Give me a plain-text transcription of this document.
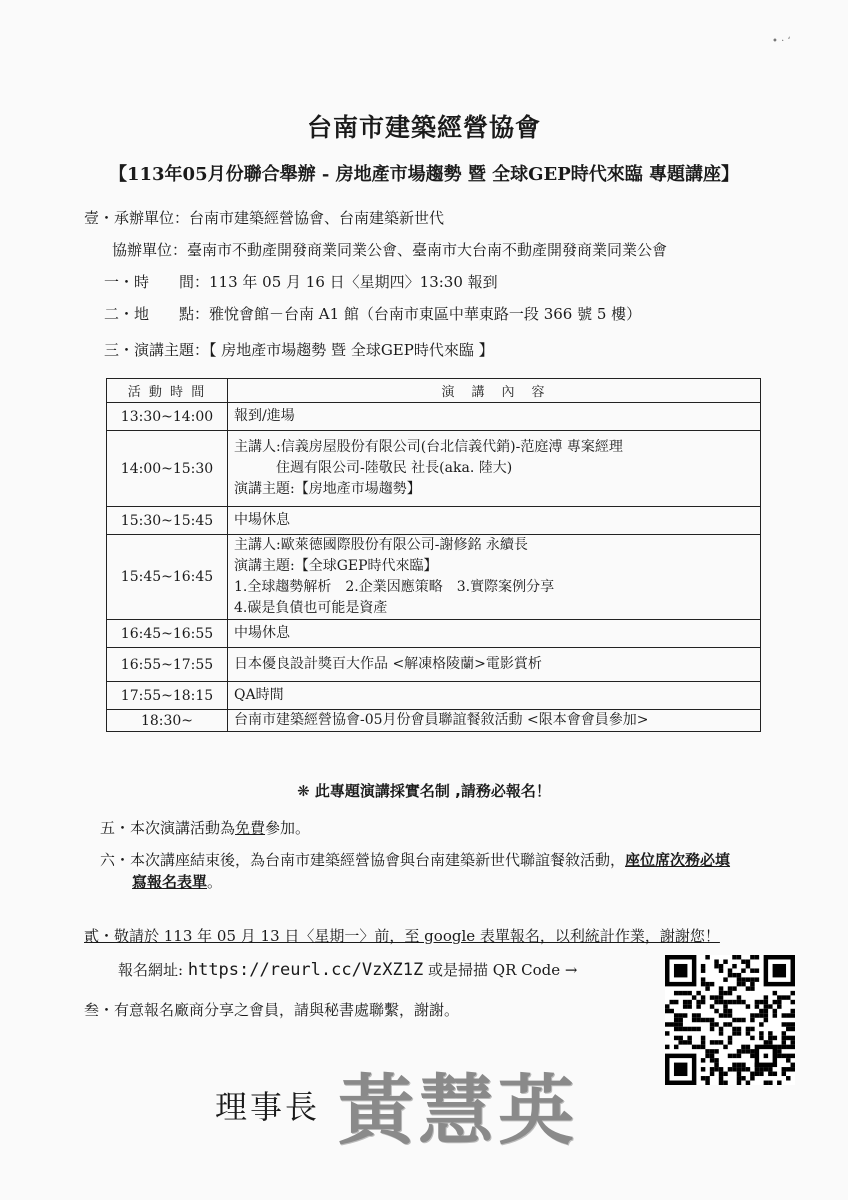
• · ʻ
台南市建築經營協會
【113年05月份聯合舉辦 - 房地產市場趨勢 暨 全球GEP時代來臨 專題講座】
壹・承辦單位：台南市建築經營協會、台南建築新世代
協辦單位：臺南市不動產開發商業同業公會、臺南市大台南不動產開發商業同業公會
一・時　　間：113 年 05 月 16 日〈星期四〉13:30 報到
二・地　　點：雅悅會館－台南 A1 館（台南市東區中華東路一段 366 號 5 樓）
三・演講主題：【 房地產市場趨勢 暨 全球GEP時代來臨 】
活 動 時 間	演　講　內　容
13:30~14:00	報到/進場

14:00~15:30	主講人:信義房屋股份有限公司(台北信義代銷)-范庭溥 專案經理
　　　住週有限公司-陸敬民 社長(aka. 陸大)
演講主題:【房地產市場趨勢】

15:30~15:45	中場休息

15:45~16:45	主講人:歐萊德國際股份有限公司-謝修銘 永續長
演講主題:【全球GEP時代來臨】
1.全球趨勢解析　2.企業因應策略　3.實際案例分享
4.碳是負債也可能是資產

16:45~16:55	中場休息

16:55~17:55	日本優良設計獎百大作品 <解凍格陵蘭>電影賞析

17:55~18:15	QA時間

18:30~	台南市建築經營協會-05月份會員聯誼餐敘活動 <限本會會員參加>
❋ 此專題演講採實名制 ,請務必報名！
五・本次演講活動為免費參加。
六・本次講座結束後，為台南市建築經營協會與台南建築新世代聯誼餐敘活動，座位席次務必填
寫報名表單。
貳・敬請於 113 年 05 月 13 日〈星期一〉前，至 google 表單報名，以利統計作業，謝謝您！
報名網址: https://reurl.cc/VzXZ1Z 或是掃描 QR Code →
叁・有意報名廠商分享之會員，請與秘書處聯繫，謝謝。
理事長 黃慧英
